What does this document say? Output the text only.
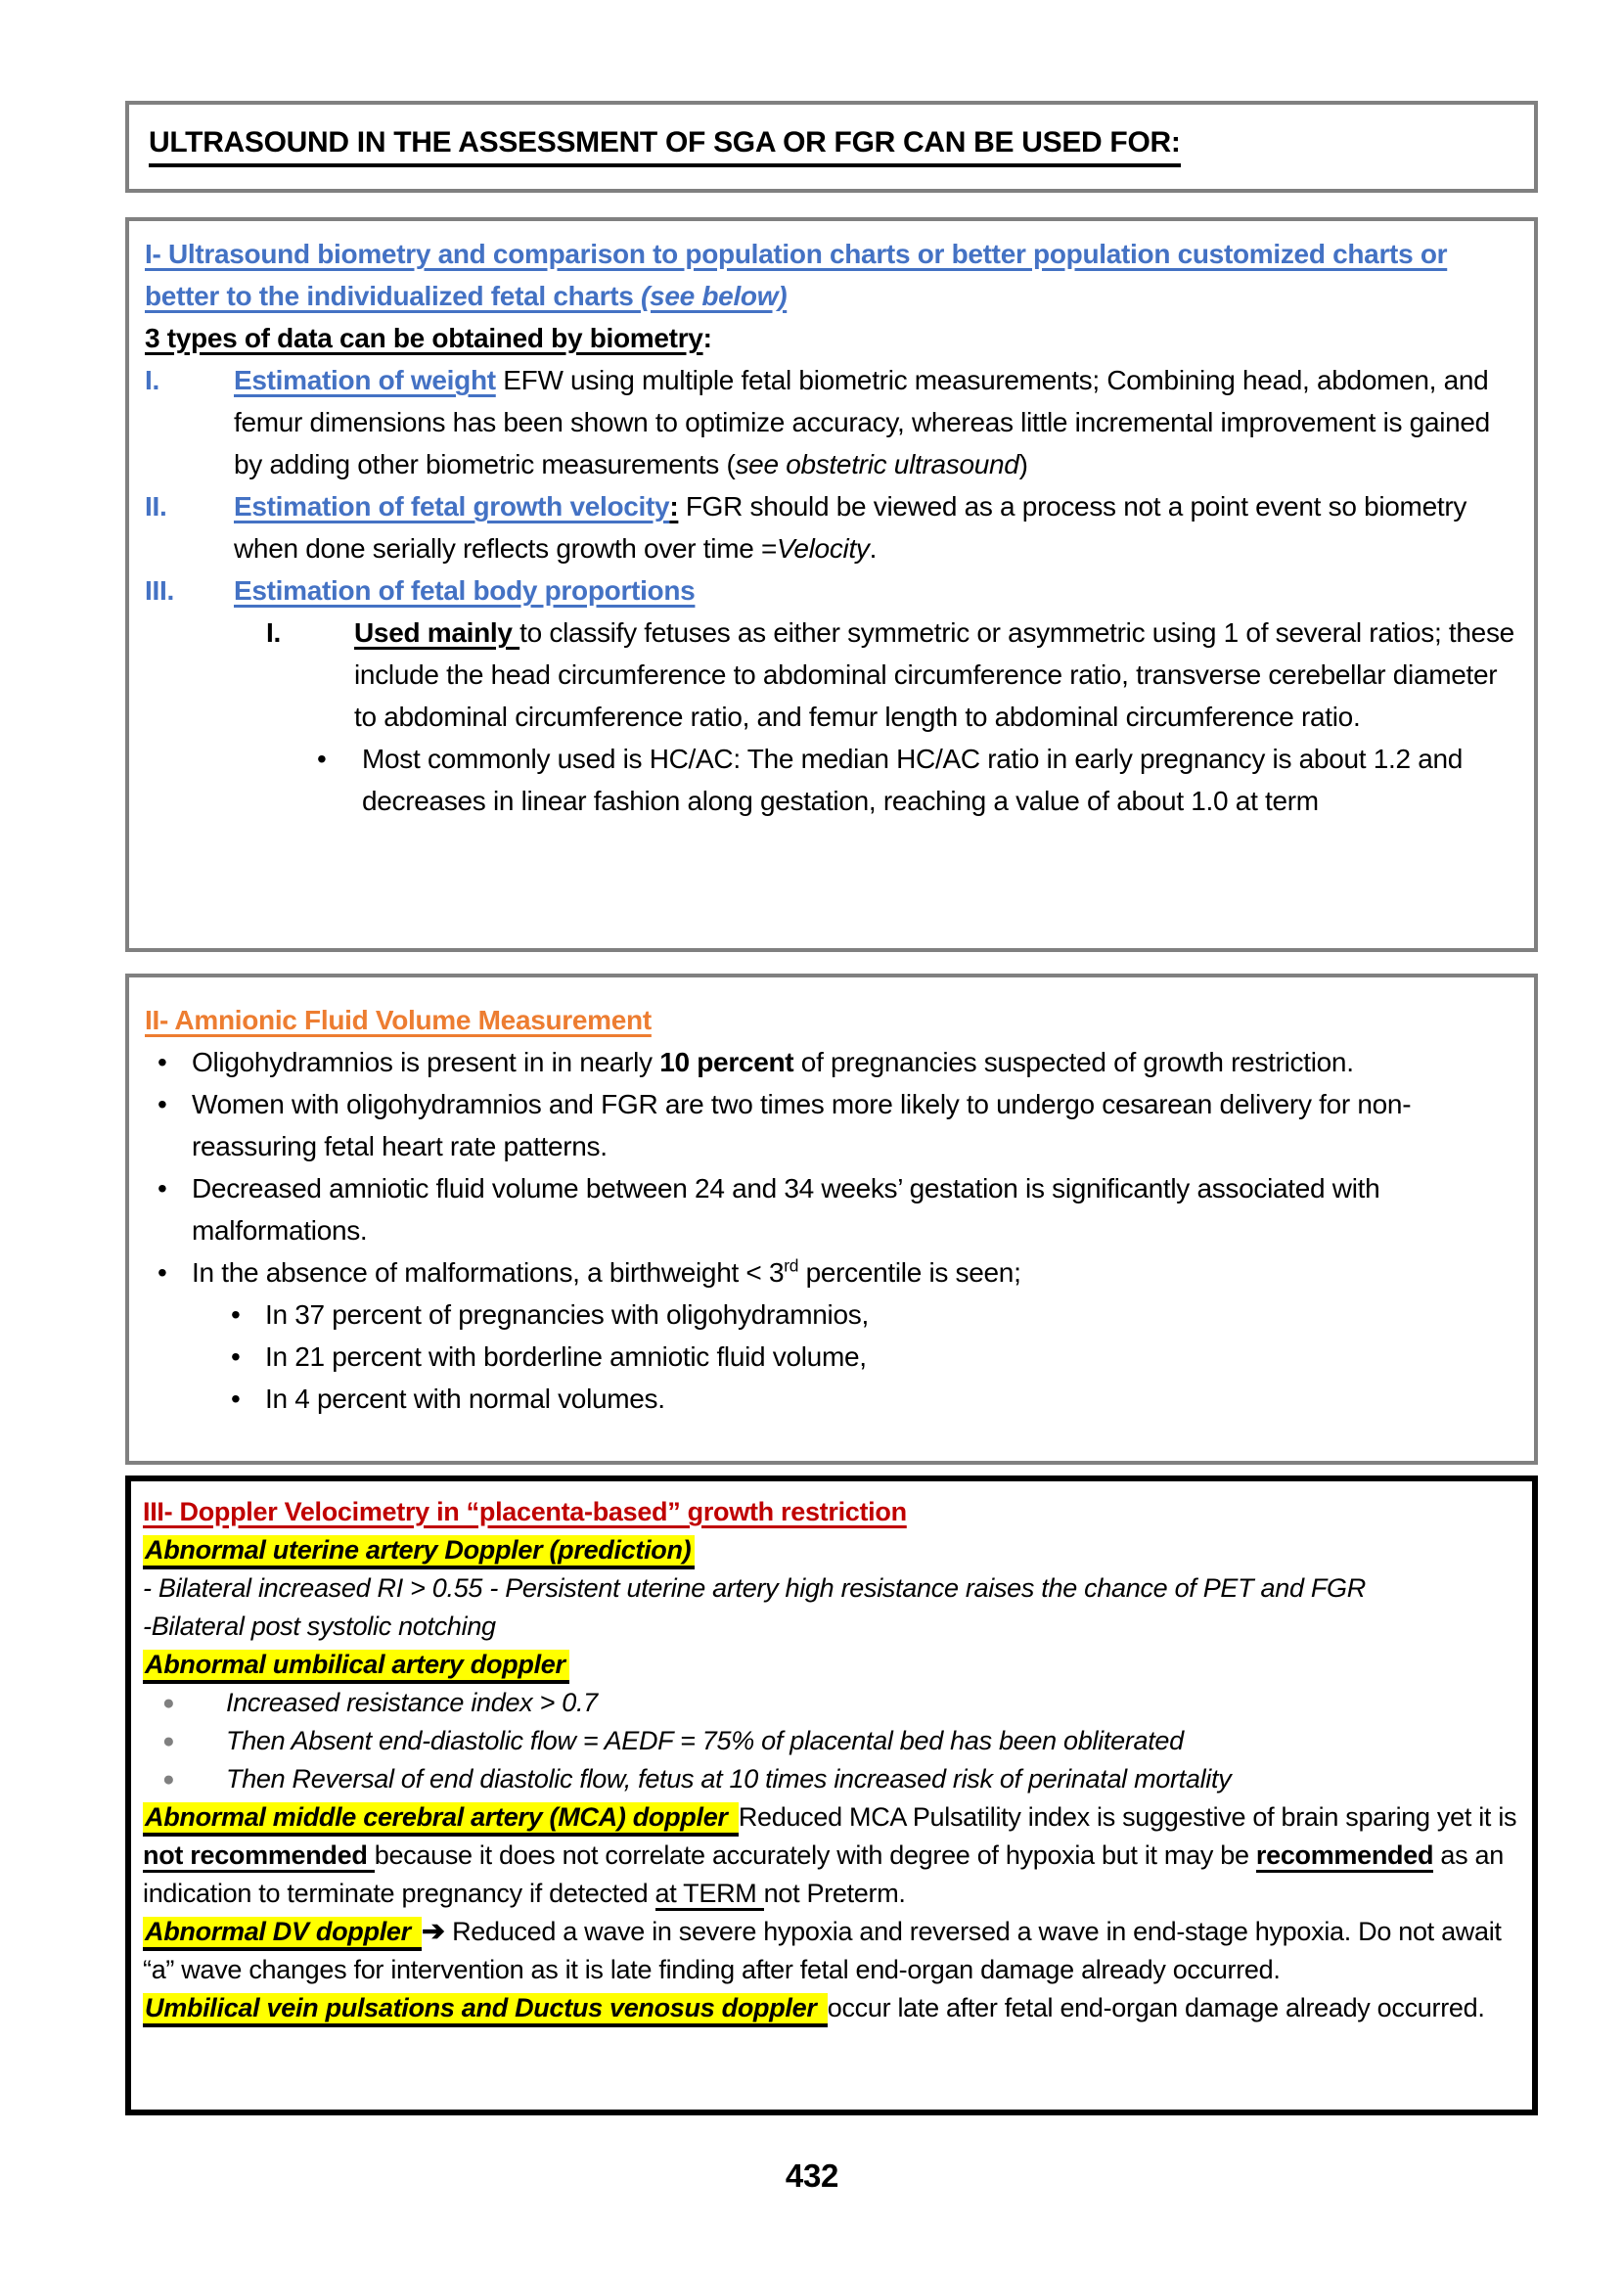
ULTRASOUND IN THE ASSESSMENT OF SGA OR FGR CAN BE USED FOR:
I- Ultrasound biometry and comparison to population charts or better population customized charts or better to the individualized fetal charts (see below)
3 types of data can be obtained by biometry:
I.	Estimation of weight EFW using multiple fetal biometric measurements; Combining head, abdomen, and femur dimensions has been shown to optimize accuracy, whereas little incremental improvement is gained by adding other biometric measurements (see obstetric ultrasound)
II. Estimation of fetal growth velocity: FGR should be viewed as a process not a point event so biometry when done serially reflects growth over time =Velocity.
III. Estimation of fetal body proportions
I.	Used mainly to classify fetuses as either symmetric or asymmetric using 1 of several ratios; these include the head circumference to abdominal circumference ratio, transverse cerebellar diameter to abdominal circumference ratio, and femur length to abdominal circumference ratio.
• Most commonly used is HC/AC: The median HC/AC ratio in early pregnancy is about 1.2 and decreases in linear fashion along gestation, reaching a value of about 1.0 at term
II- Amnionic Fluid Volume Measurement
• Oligohydramnios is present in in nearly 10 percent of pregnancies suspected of growth restriction.
• Women with oligohydramnios and FGR are two times more likely to undergo cesarean delivery for non-reassuring fetal heart rate patterns.
• Decreased amniotic fluid volume between 24 and 34 weeks’ gestation is significantly associated with malformations.
• In the absence of malformations, a birthweight < 3rd percentile is seen;
• In 37 percent of pregnancies with oligohydramnios,
• In 21 percent with borderline amniotic fluid volume,
• In 4 percent with normal volumes.
III- Doppler Velocimetry in “placenta-based” growth restriction
Abnormal uterine artery Doppler (prediction)
- Bilateral increased RI > 0.55 - Persistent uterine artery high resistance raises the chance of PET and FGR
-Bilateral post systolic notching
Abnormal umbilical artery doppler
● Increased resistance index > 0.7
● Then Absent end-diastolic flow = AEDF = 75% of placental bed has been obliterated
● Then Reversal of end diastolic flow, fetus at 10 times increased risk of perinatal mortality
Abnormal middle cerebral artery (MCA) doppler Reduced MCA Pulsatility index is suggestive of brain sparing yet it is not recommended because it does not correlate accurately with degree of hypoxia but it may be recommended as an indication to terminate pregnancy if detected at TERM not Preterm.
Abnormal DV doppler ➔ Reduced a wave in severe hypoxia and reversed a wave in end-stage hypoxia. Do not await “a” wave changes for intervention as it is late finding after fetal end-organ damage already occurred.
Umbilical vein pulsations and Ductus venosus doppler occur late after fetal end-organ damage already occurred.
432
